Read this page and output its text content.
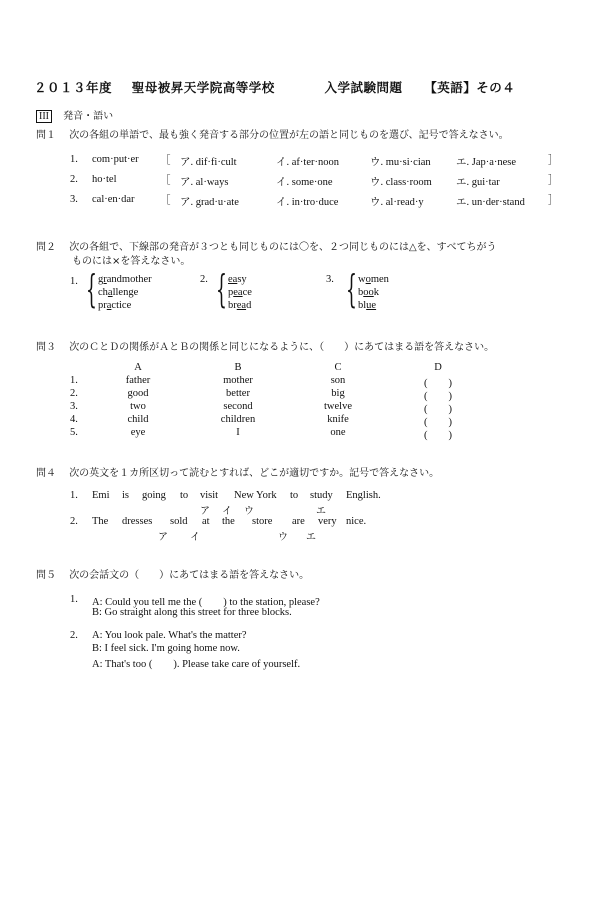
２０１３年度 聖母被昇天学院高等学校	入学試験問題 【英語】その４
III 発音・語い
問１ 次の各組の単語で、最も強く発音する部分の位置が左の語と同じものを選び、記号で答えなさい。
1. com·put·er ［ ア. dif·fi·cult	イ. af·ter·noon	ウ. mu·si·cian エ. Jap·a·nese	］
2. ho·tel	［ ア. al·ways	イ. some·one	ウ. class·room エ. gui·tar	］
3. cal·en·dar ［ ア. grad·u·ate	イ. in·tro·duce	ウ. al·read·y	エ. un·der·stand ］
問２ 次の各組で、下線部の発音が３つとも同じものには〇を、２つ同じものには△を、すべてちがう
ものには×を答えなさい。
1. { grandmother
challenge
practice
2. { easy
peace
bread
3. { women
book
blue
問３ 次のＣとＤの関係がＡとＢの関係と同じになるように、（　　）にあてはまる語を答えなさい。
A	B	C	D
1.	father	mother	son	(　　)
2.	good	better	big	(　　)
3.	two	second	twelve	(　　)
4.	child	children	knife	(　　)
5.	eye	I	one	(　　)
問４ 次の英文を１カ所区切って読むとすれば、どこが適切ですか。記号で答えなさい。
1. Emi is going to visit New York to study English.
ア イ ウ	エ
2. The dresses sold at the store are very nice.
ア イ	ウ エ
問５ 次の会話文の（　　）にあてはまる語を答えなさい。
1. A: Could you tell me the (　　) to the station, please?
B: Go straight along this street for three blocks.
2. A: You look pale. What's the matter?
B: I feel sick. I'm going home now.
A: That's too (　　). Please take care of yourself.
